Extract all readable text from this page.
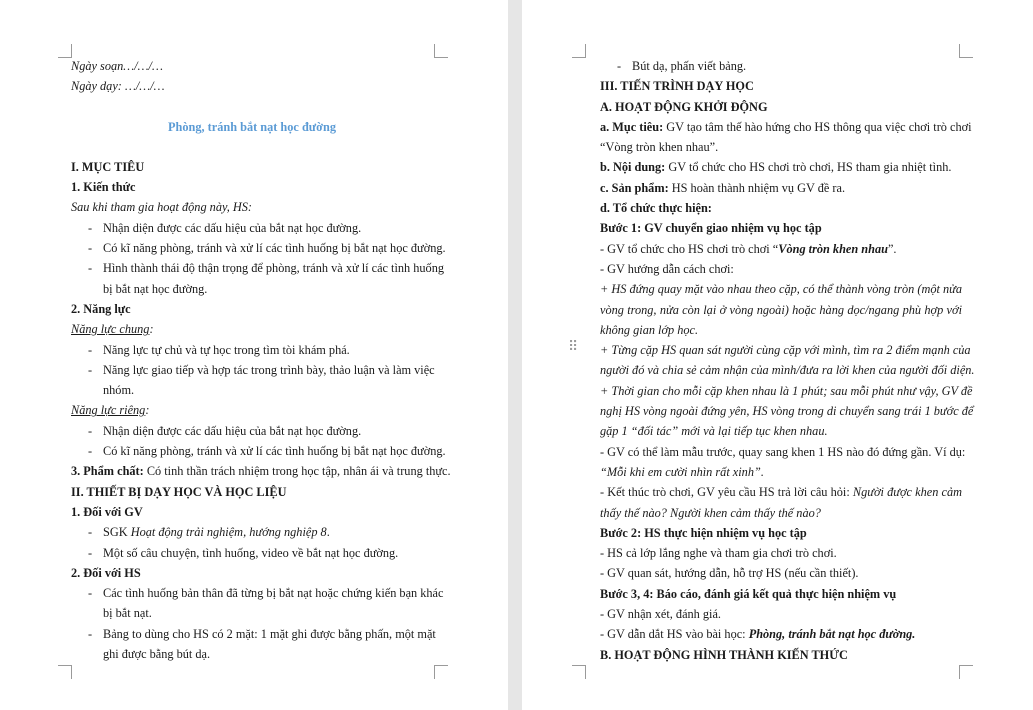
Ngày soạn…/…/…
Ngày dạy: …/…/…
Phòng, tránh bắt nạt học đường
I. MỤC TIÊU
1. Kiến thức
Sau khi tham gia hoạt động này, HS:
- Nhận diện được các dấu hiệu của bắt nạt học đường.
- Có kĩ năng phòng, tránh và xử lí các tình huống bị bắt nạt học đường.
- Hình thành thái độ thận trọng để phòng, tránh và xử lí các tình huống
bị bắt nạt học đường.
2. Năng lực
Năng lực chung:
- Năng lực tự chủ và tự học trong tìm tòi khám phá.
- Năng lực giao tiếp và hợp tác trong trình bày, thảo luận và làm việc
nhóm.
Năng lực riêng:
- Nhận diện được các dấu hiệu của bắt nạt học đường.
- Có kĩ năng phòng, tránh và xử lí các tình huống bị bắt nạt học đường.
3. Phẩm chất: Có tinh thần trách nhiệm trong học tập, nhân ái và trung thực.
II. THIẾT BỊ DẠY HỌC VÀ HỌC LIỆU
1. Đối với GV
- SGK Hoạt động trải nghiệm, hướng nghiệp 8.
- Một số câu chuyện, tình huống, video về bắt nạt học đường.
2. Đối với HS
- Các tình huống bản thân đã từng bị bắt nạt hoặc chứng kiến bạn khác
bị bắt nạt.
- Bảng to dùng cho HS có 2 mặt: 1 mặt ghi được bằng phấn, một mặt
ghi được bằng bút dạ.
⠿
- Bút dạ, phấn viết bảng.
III. TIẾN TRÌNH DẠY HỌC
A. HOẠT ĐỘNG KHỞI ĐỘNG
a. Mục tiêu: GV tạo tâm thế hào hứng cho HS thông qua việc chơi trò chơi
“Vòng tròn khen nhau”.
b. Nội dung: GV tổ chức cho HS chơi trò chơi, HS tham gia nhiệt tình.
c. Sản phẩm: HS hoàn thành nhiệm vụ GV đề ra.
d. Tổ chức thực hiện:
Bước 1: GV chuyển giao nhiệm vụ học tập
- GV tổ chức cho HS chơi trò chơi “Vòng tròn khen nhau”.
- GV hướng dẫn cách chơi:
+ HS đứng quay mặt vào nhau theo cặp, có thể thành vòng tròn (một nửa
vòng trong, nửa còn lại ở vòng ngoài) hoặc hàng dọc/ngang phù hợp với
không gian lớp học.
+ Từng cặp HS quan sát người cùng cặp với mình, tìm ra 2 điểm mạnh của
người đó và chia sẻ cảm nhận của mình/đưa ra lời khen của người đối diện.
+ Thời gian cho mỗi cặp khen nhau là 1 phút; sau mỗi phút như vậy, GV đề
nghị HS vòng ngoài đứng yên, HS vòng trong di chuyển sang trái 1 bước để
gặp 1 “đối tác” mới và lại tiếp tục khen nhau.
- GV có thể làm mẫu trước, quay sang khen 1 HS nào đó đứng gần. Ví dụ:
“Mỗi khi em cười nhìn rất xinh”.
- Kết thúc trò chơi, GV yêu cầu HS trả lời câu hỏi: Người được khen cảm
thấy thế nào? Người khen cảm thấy thế nào?
Bước 2: HS thực hiện nhiệm vụ học tập
- HS cả lớp lắng nghe và tham gia chơi trò chơi.
- GV quan sát, hướng dẫn, hỗ trợ HS (nếu cần thiết).
Bước 3, 4: Báo cáo, đánh giá kết quả thực hiện nhiệm vụ
- GV nhận xét, đánh giá.
- GV dẫn dắt HS vào bài học: Phòng, tránh bắt nạt học đường.
B. HOẠT ĐỘNG HÌNH THÀNH KIẾN THỨC
